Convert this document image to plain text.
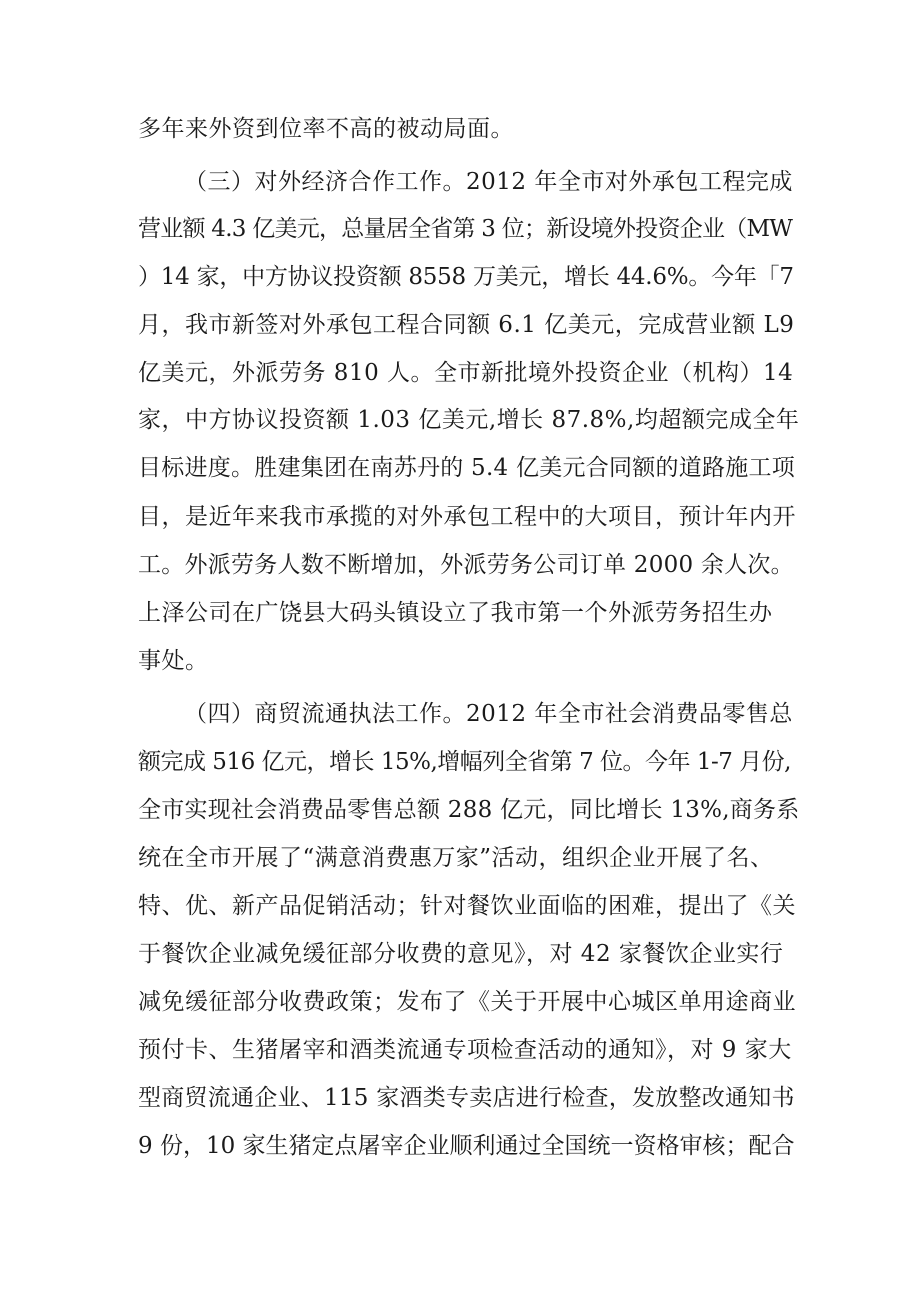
多年来外资到位率不高的被动局面。
（三）对外经济合作工作。2012 年全市对外承包工程完成
营业额 4.3 亿美元，总量居全省第 3 位；新设境外投资企业（MW
）14 家，中方协议投资额 8558 万美元，增长 44.6%。今年「7
月，我市新签对外承包工程合同额 6.1 亿美元，完成营业额 L9
亿美元，外派劳务 810 人。全市新批境外投资企业（机构）14
家，中方协议投资额 1.03 亿美元,增长 87.8%,均超额完成全年
目标进度。胜建集团在南苏丹的 5.4 亿美元合同额的道路施工项
目，是近年来我市承揽的对外承包工程中的大项目，预计年内开
工。外派劳务人数不断增加，外派劳务公司订单 2000 余人次。
上泽公司在广饶县大码头镇设立了我市第一个外派劳务招生办
事处。
（四）商贸流通执法工作。2012 年全市社会消费品零售总
额完成 516 亿元，增长 15%,增幅列全省第 7 位。今年 1-7 月份,
全市实现社会消费品零售总额 288 亿元，同比增长 13%,商务系
统在全市开展了“满意消费惠万家”活动，组织企业开展了名、
特、优、新产品促销活动；针对餐饮业面临的困难，提出了《关
于餐饮企业减免缓征部分收费的意见》，对 42 家餐饮企业实行
减免缓征部分收费政策；发布了《关于开展中心城区单用途商业
预付卡、生猪屠宰和酒类流通专项检查活动的通知》，对 9 家大
型商贸流通企业、115 家酒类专卖店进行检查，发放整改通知书
9 份，10 家生猪定点屠宰企业顺利通过全国统一资格审核；配合
